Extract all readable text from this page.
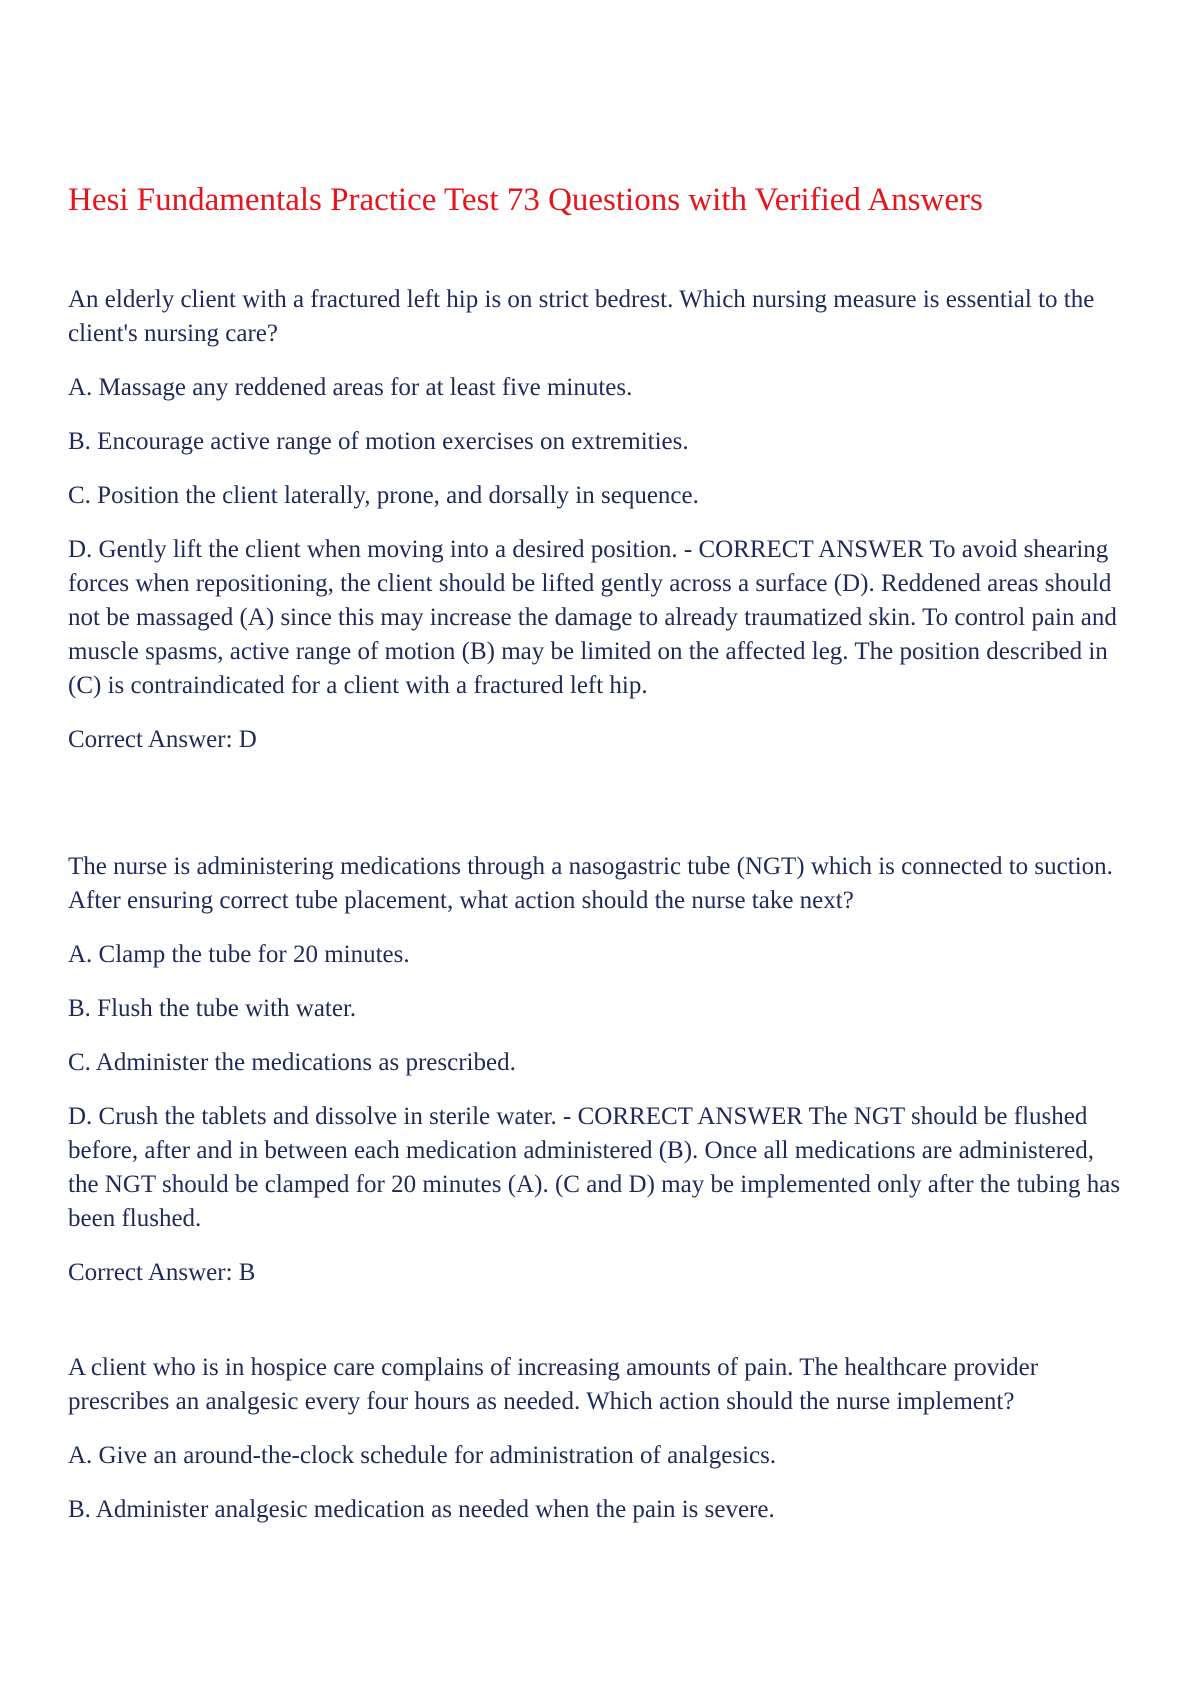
Hesi Fundamentals Practice Test 73 Questions with Verified Answers

An elderly client with a fractured left hip is on strict bedrest. Which nursing measure is essential to the client's nursing care?

A. Massage any reddened areas for at least five minutes.

B. Encourage active range of motion exercises on extremities.

C. Position the client laterally, prone, and dorsally in sequence.

D. Gently lift the client when moving into a desired position. - CORRECT ANSWER To avoid shearing forces when repositioning, the client should be lifted gently across a surface (D). Reddened areas should not be massaged (A) since this may increase the damage to already traumatized skin. To control pain and muscle spasms, active range of motion (B) may be limited on the affected leg. The position described in (C) is contraindicated for a client with a fractured left hip.

Correct Answer: D

The nurse is administering medications through a nasogastric tube (NGT) which is connected to suction. After ensuring correct tube placement, what action should the nurse take next?

A. Clamp the tube for 20 minutes.

B. Flush the tube with water.

C. Administer the medications as prescribed.

D. Crush the tablets and dissolve in sterile water. - CORRECT ANSWER The NGT should be flushed before, after and in between each medication administered (B). Once all medications are administered, the NGT should be clamped for 20 minutes (A). (C and D) may be implemented only after the tubing has been flushed.

Correct Answer: B

A client who is in hospice care complains of increasing amounts of pain. The healthcare provider prescribes an analgesic every four hours as needed. Which action should the nurse implement?

A. Give an around-the-clock schedule for administration of analgesics.

B. Administer analgesic medication as needed when the pain is severe.
